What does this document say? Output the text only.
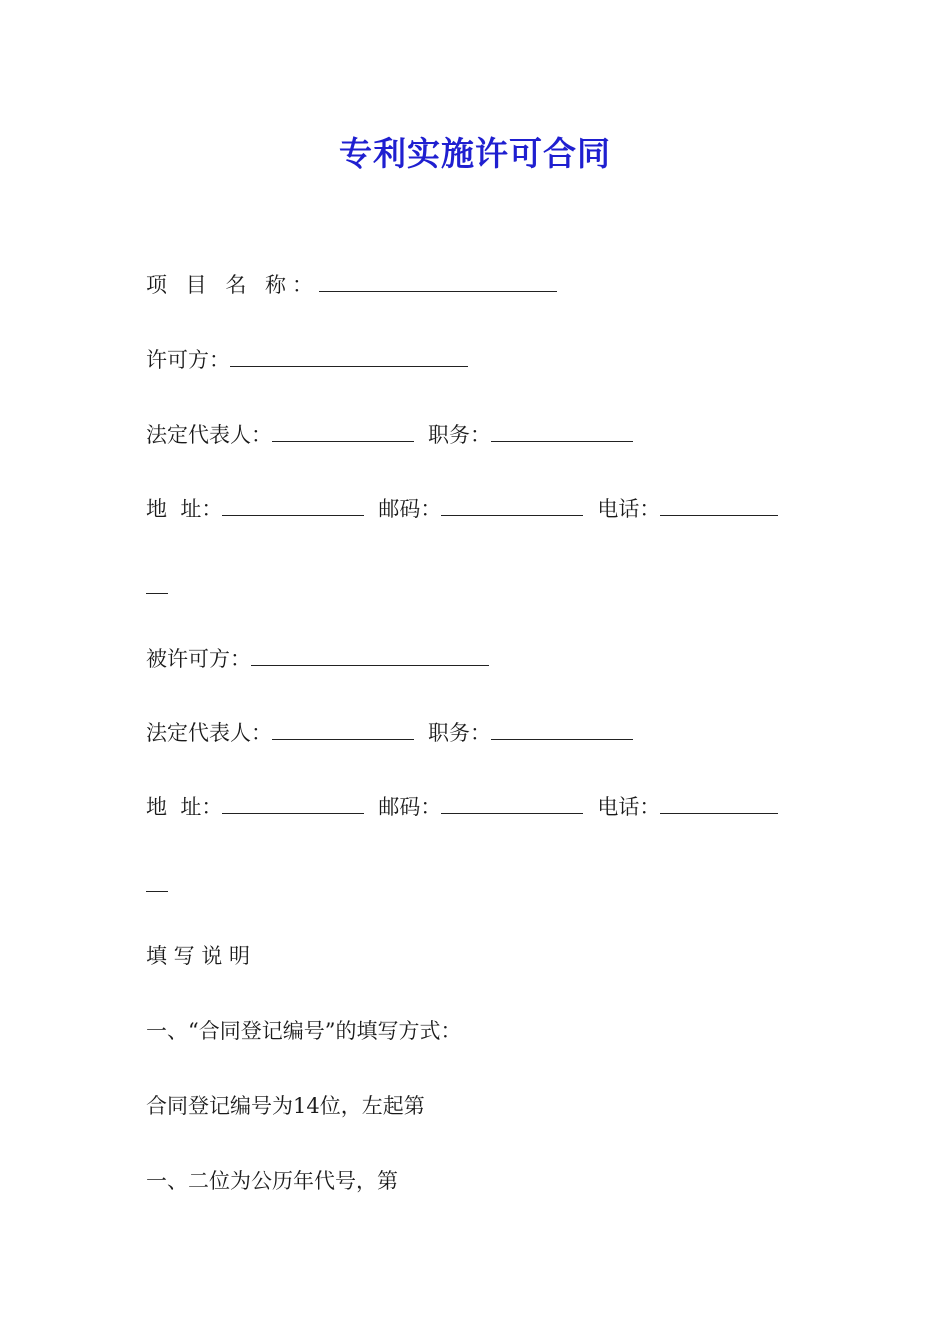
专利实施许可合同
项 目 名 称：
许可方：
法定代表人：	职务：
地  址：	邮码：	电话：
被许可方：
法定代表人：	职务：
地  址：	邮码：	电话：
填 写 说 明
一、“合同登记编号”的填写方式：
合同登记编号为14位，左起第
一、二位为公历年代号，第
